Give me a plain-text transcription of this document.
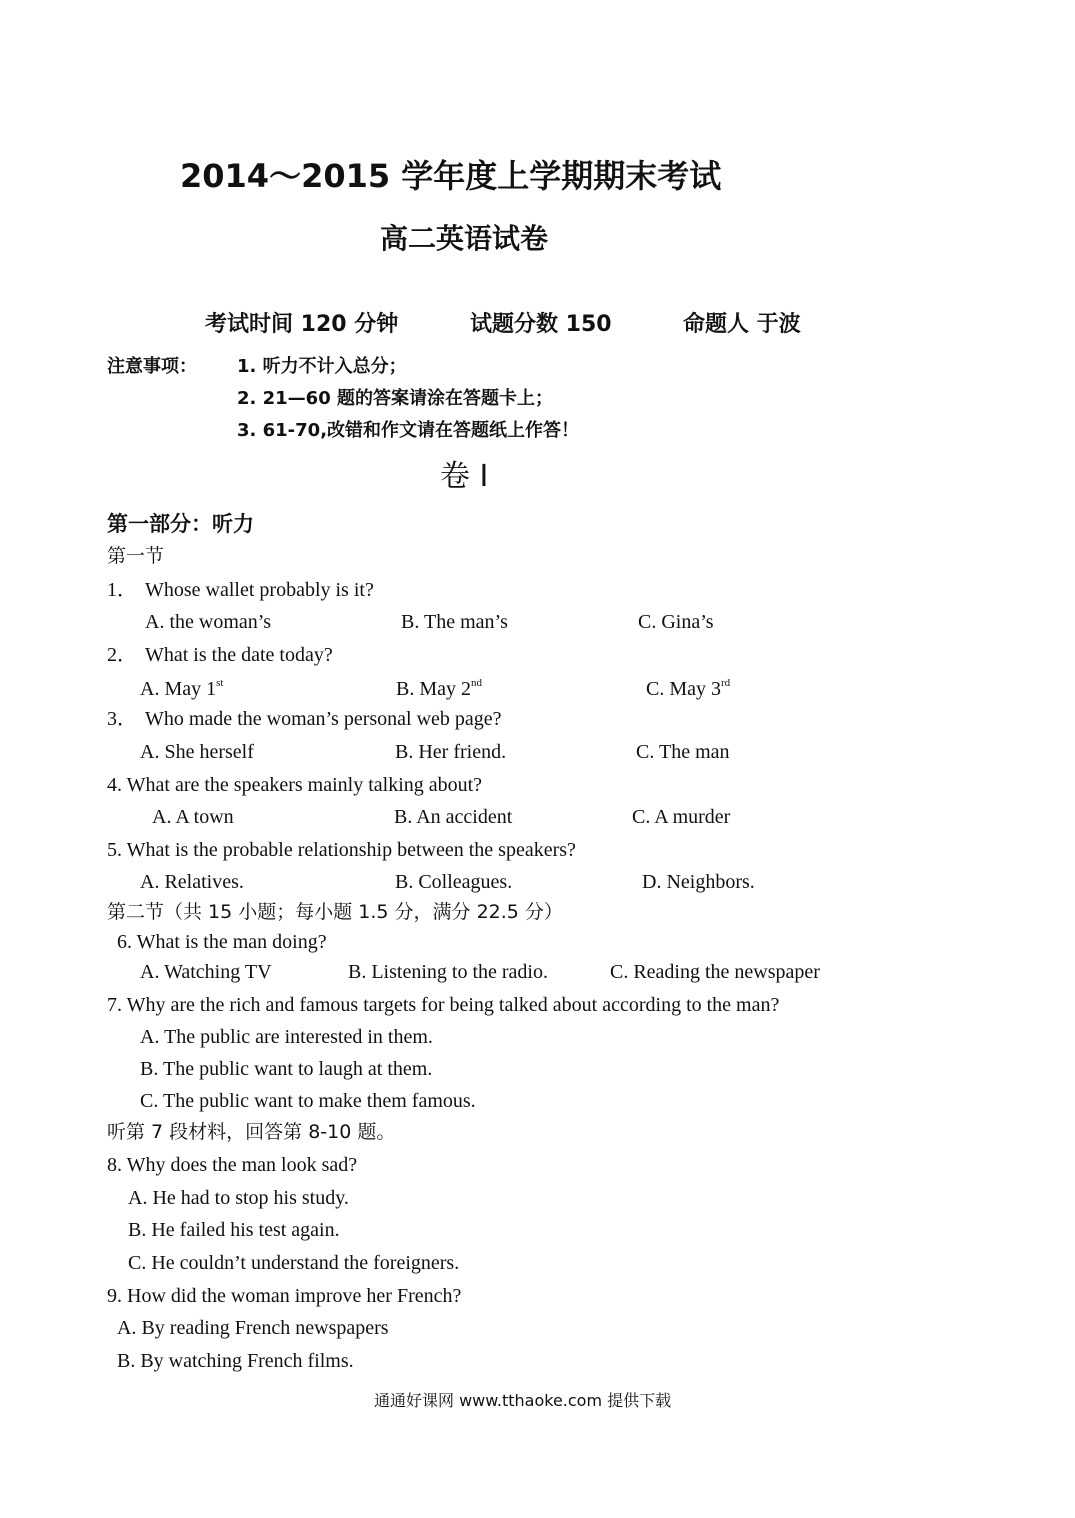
2014～2015 学年度上学期期末考试
高二英语试卷
考试时间 120 分钟	试题分数 150	命题人 于波
注意事项： 1. 听力不计入总分；
2. 21—60 题的答案请涂在答题卡上；
3. 61-70,改错和作文请在答题纸上作答！
卷 I
第一部分：听力
第一节
1． Whose wallet probably is it?
A. the woman’s	B. The man’s	C. Gina’s
2． What is the date today?
A. May 1st	B. May 2nd	C. May 3rd
3． Who made the woman’s personal web page?
A. She herself	B. Her friend.	C. The man
4. What are the speakers mainly talking about?
A. A town	B. An accident	C. A murder
5. What is the probable relationship between the speakers?
A. Relatives.	B. Colleagues.	D. Neighbors.
第二节（共 15 小题；每小题 1.5 分，满分 22.5 分）
6. What is the man doing?
A. Watching TV	B. Listening to the radio.	C. Reading the newspaper
7. Why are the rich and famous targets for being talked about according to the man?
A. The public are interested in them.
B. The public want to laugh at them.
C. The public want to make them famous.
听第 7 段材料，回答第 8-10 题。
8. Why does the man look sad?
A. He had to stop his study.
B. He failed his test again.
C. He couldn’t understand the foreigners.
9. How did the woman improve her French?
A. By reading French newspapers
B. By watching French films.
通通好课网 www.tthaoke.com 提供下载
